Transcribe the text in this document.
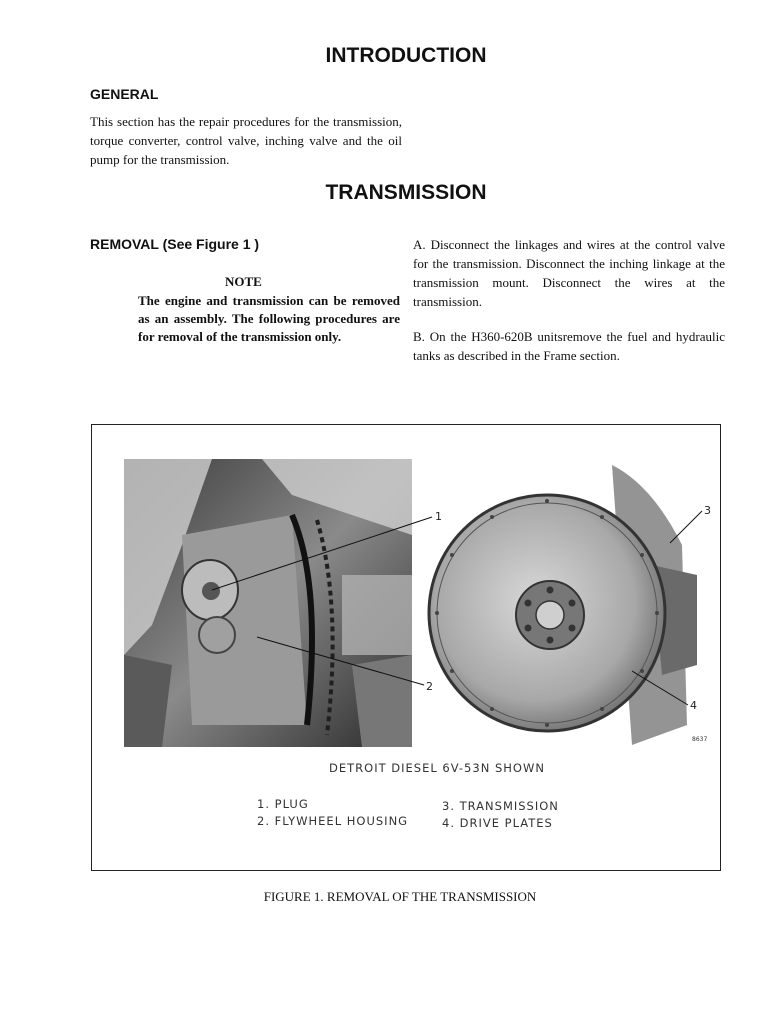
INTRODUCTION
GENERAL
This section has the repair procedures for the transmission, torque converter, control valve, inching valve and the oil pump for the transmission.
TRANSMISSION
REMOVAL (See Figure 1 )
NOTE
The engine and transmission can be removed as an assembly. The following procedures are for removal of the transmission only.
A. Disconnect the linkages and wires at the control valve for the transmission. Disconnect the inching linkage at the transmission mount. Disconnect the wires at the transmission.
B. On the H360-620B unitsremove the fuel and hydraulic tanks as described in the Frame section.
1
2
3
4
8637
DETROIT DIESEL 6V-53N SHOWN
1. PLUG
2. FLYWHEEL HOUSING
3. TRANSMISSION
4. DRIVE PLATES
FIGURE 1. REMOVAL OF THE TRANSMISSION
